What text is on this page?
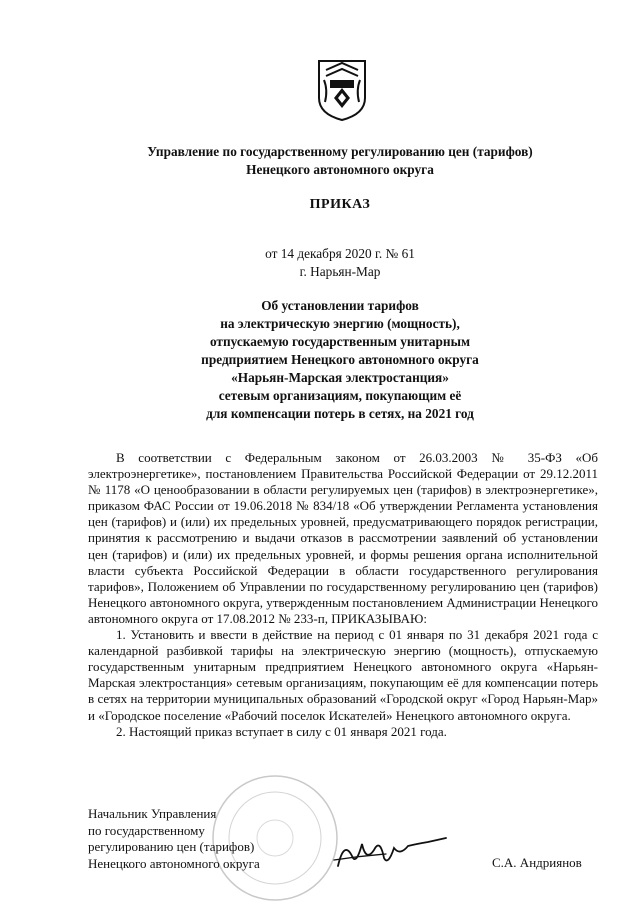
Управление по государственному регулированию цен (тарифов)
Ненецкого автономного округа
ПРИКАЗ
от 14 декабря 2020 г. № 61
г. Нарьян-Мар
Об установлении тарифов
на электрическую энергию (мощность),
отпускаемую государственным унитарным
предприятием Ненецкого автономного округа
«Нарьян-Марская электростанция»
сетевым организациям, покупающим её
для компенсации потерь в сетях, на 2021 год

В соответствии с Федеральным законом от 26.03.2003 № 35-ФЗ «Об электроэнергетике», постановлением Правительства Российской Федерации от 29.12.2011 № 1178 «О ценообразовании в области регулируемых цен (тарифов) в электроэнергетике», приказом ФАС России от 19.06.2018 № 834/18 «Об утверждении Регламента установления цен (тарифов) и (или) их предельных уровней, предусматривающего порядок регистрации, принятия к рассмотрению и выдачи отказов в рассмотрении заявлений об установлении цен (тарифов) и (или) их предельных уровней, и формы решения органа исполнительной власти субъекта Российской Федерации в области государственного регулирования тарифов», Положением об Управлении по государственному регулированию цен (тарифов) Ненецкого автономного округа, утвержденным постановлением Администрации Ненецкого автономного округа от 17.08.2012 № 233-п, ПРИКАЗЫВАЮ:

1. Установить и ввести в действие на период с 01 января по 31 декабря 2021 года с календарной разбивкой тарифы на электрическую энергию (мощность), отпускаемую государственным унитарным предприятием Ненецкого автономного округа «Нарьян-Марская электростанция» сетевым организациям, покупающим её для компенсации потерь в сетях на территории муниципальных образований «Городской округ «Город Нарьян-Мар» и «Городское поселение «Рабочий поселок Искателей» Ненецкого автономного округа.

2. Настоящий приказ вступает в силу с 01 января 2021 года.

Начальник Управления
по государственному
регулированию цен (тарифов)
Ненецкого автономного округа	С.А. Андриянов
